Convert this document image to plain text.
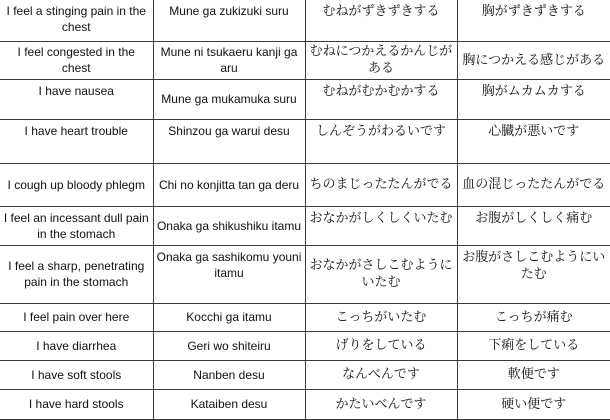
I feel a stinging pain in the chest	Mune ga zukizuki suru	むねがずきずきする	胸がずきずきする
I feel congested in the chest	Mune ni tsukaeru kanji ga aru	むねにつかえるかんじがある	胸につかえる感じがある
I have nausea	Mune ga mukamuka suru	むねがむかむかする	胸がムカムカする
I have heart trouble	Shinzou ga warui desu	しんぞうがわるいです	心臓が悪いです
I cough up bloody phlegm	Chi no konjitta tan ga deru	ちのまじったたんがでる	血の混じったたんがでる
I feel an incessant dull pain in the stomach	Onaka ga shikushiku itamu	おなかがしくしくいたむ	お腹がしくしく痛む
I feel a sharp, penetrating pain in the stomach	Onaka ga sashikomu youni itamu	おなかがさしこむようにいたむ	お腹がさしこむようにいたむ
I feel pain over here	Kocchi ga itamu	こっちがいたむ	こっちが痛む
I have diarrhea	Geri wo shiteiru	げりをしている	下痢をしている
I have soft stools	Nanben desu	なんべんです	軟便です
I have hard stools	Kataiben desu	かたいべんです	硬い便です
